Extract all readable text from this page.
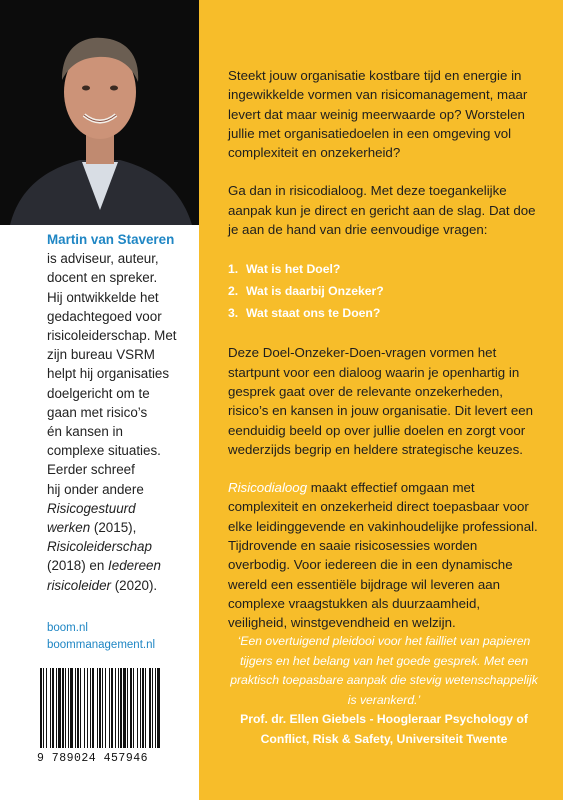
Martin van Staveren

is adviseur, auteur,

docent en spreker.

Hij ontwikkelde het

gedachtegoed voor

risicoleiderschap. Met

zijn bureau VSRM

helpt hij organisaties

doelgericht om te

gaan met risico’s

én kansen in

complexe situaties.

Eerder schreef

hij onder andere

Risicogestuurd

werken (2015),

Risicoleiderschap

(2018) en Iedereen

risicoleider (2020).

boom.nl
boommanagement.nl
9 789024 457946

Steekt jouw organisatie kostbare tijd en energie in ingewikkelde vormen van risicomanagement, maar levert dat maar weinig meerwaarde op? Worstelen jullie met organisatiedoelen in een omgeving vol complexiteit en onzekerheid?

Ga dan in risicodialoog. Met deze toegankelijke aanpak kun je direct en gericht aan de slag. Dat doe je aan de hand van drie eenvoudige vragen:

1. Wat is het Doel?
2. Wat is daarbij Onzeker?
3. Wat staat ons te Doen?

Deze Doel-Onzeker-Doen-vragen vormen het startpunt voor een dialoog waarin je openhartig in gesprek gaat over de relevante onzekerheden, risico’s en kansen in jouw organisatie. Dit levert een eenduidig beeld op over jullie doelen en zorgt voor wederzijds begrip en heldere strategische keuzes.

Risicodialoog maakt effectief omgaan met complexiteit en onzekerheid direct toepasbaar voor elke leidinggevende en vakinhoudelijke professional. Tijdrovende en saaie risicosessies worden overbodig. Voor iedereen die in een dynamische wereld een essentiële bijdrage wil leveren aan complexe vraagstukken als duurzaamheid, veiligheid, winstgevendheid en welzijn.

‘Een overtuigend pleidooi voor het failliet van papieren tijgers en het belang van het goede gesprek. Met een praktisch toepasbare aanpak die stevig wetenschappelijk is verankerd.’
Prof. dr. Ellen Giebels - Hoogleraar Psychology of Conflict, Risk & Safety, Universiteit Twente
